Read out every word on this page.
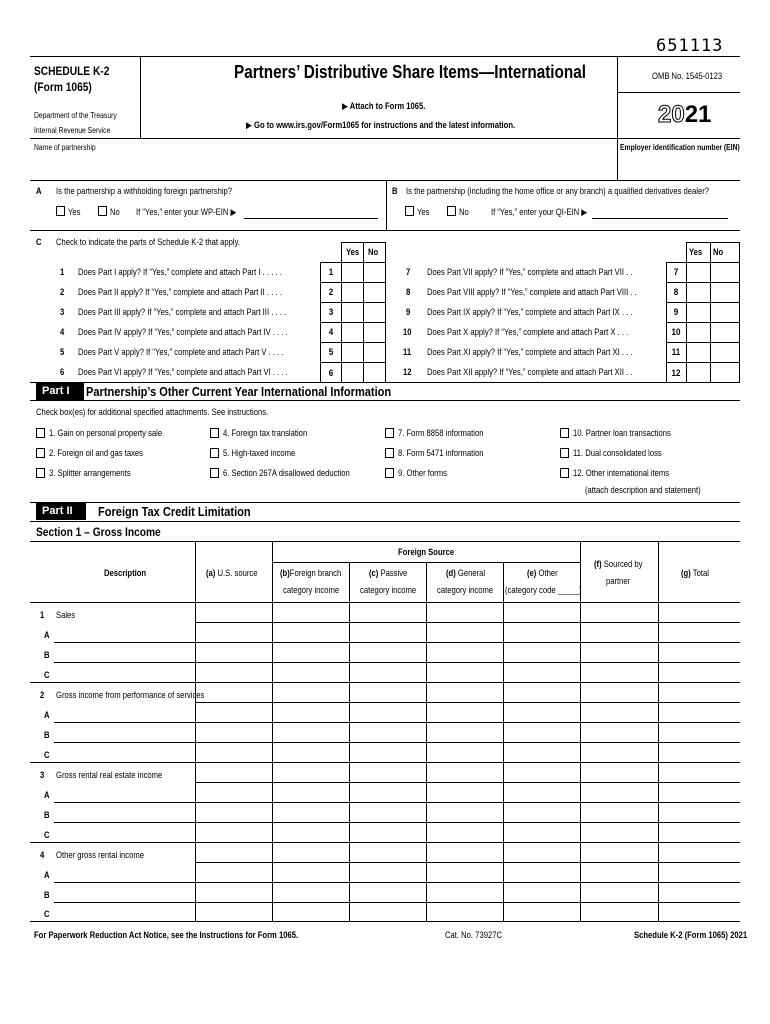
651113
SCHEDULE K-2
(Form 1065)
Department of the Treasury
Internal Revenue Service
Partners’ Distributive Share Items—International
▶ Attach to Form 1065.
▶ Go to www.irs.gov/Form1065 for instructions and the latest information.
OMB No. 1545-0123
2021
Name of partnership	Employer identification number (EIN)
A Is the partnership a withholding foreign partnership?
Yes	No If “Yes,” enter your WP-EIN ▶
B Is the partnership (including the home office or any branch) a qualified derivatives dealer?
Yes	No If “Yes,” enter your QI-EIN ▶
C Check to indicate the parts of Schedule K-2 that apply.
Yes No	Yes No
1 Does Part I apply? If “Yes,” complete and attach Part I . . . . .	1
2 Does Part II apply? If “Yes,” complete and attach Part II . . . .	2
3 Does Part III apply? If “Yes,” complete and attach Part III . . . .	3
4 Does Part IV apply? If “Yes,” complete and attach Part IV . . . .	4
5 Does Part V apply? If “Yes,” complete and attach Part V . . . .	5
6 Does Part VI apply? If “Yes,” complete and attach Part VI . . . .	6
7 Does Part VII apply? If “Yes,” complete and attach Part VII . .	7
8 Does Part VIII apply? If “Yes,” complete and attach Part VIII . .	8
9 Does Part IX apply? If “Yes,” complete and attach Part IX . . .	9
10 Does Part X apply? If “Yes,” complete and attach Part X . . .	10
11 Does Part XI apply? If “Yes,” complete and attach Part XI . . .	11
12 Does Part XII apply? If “Yes,” complete and attach Part XII . .	12
Part I	Partnership’s Other Current Year International Information
Check box(es) for additional specified attachments. See instructions.
1. Gain on personal property sale
2. Foreign oil and gas taxes
3. Splitter arrangements
4. Foreign tax translation
5. High-taxed income
6. Section 267A disallowed deduction
7. Form 8858 information
8. Form 5471 information
9. Other forms
10. Partner loan transactions
11. Dual consolidated loss
12. Other international items
(attach description and statement)
Part II	Foreign Tax Credit Limitation
Section 1 – Gross Income
Foreign Source
Description	(a) U.S. source	(b)Foreign branch
category income
(c) Passive
category income
(d) General
category income
(e) Other
(category code _____)
(f) Sourced by
partner
(g) Total
1 Sales
A
B
C
2 Gross income from performance of services
A
B
C
3 Gross rental real estate income
A
B
C
4 Other gross rental income
A
B
C
For Paperwork Reduction Act Notice, see the Instructions for Form 1065.	Cat. No. 73927C	Schedule K-2 (Form 1065) 2021
